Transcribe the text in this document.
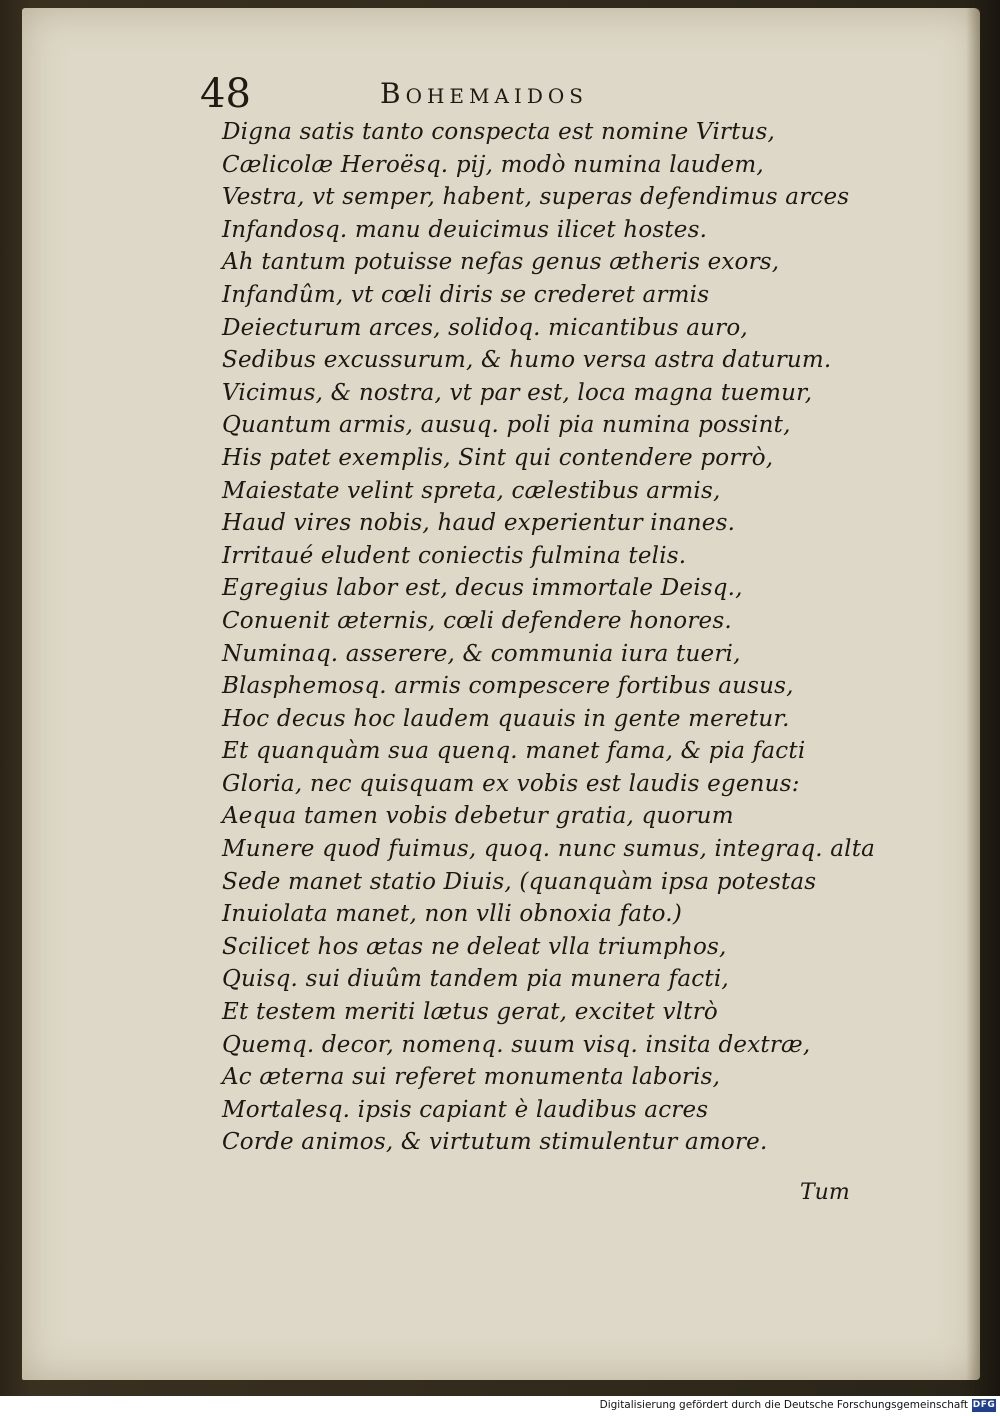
48	Bohemaidos
Digna satis tanto conspecta est nomine Virtus,
Cælicolæ Heroësq. pij, modò numina laudem,
Vestra, vt semper, habent, superas defendimus arces
Infandosq. manu deuicimus ilicet hostes.
Ah tantum potuisse nefas genus ætheris exors,
Infandûm, vt cœli diris se crederet armis
Deiecturum arces, solidoq. micantibus auro,
Sedibus excussurum, & humo versa astra daturum.
Vicimus, & nostra, vt par est, loca magna tuemur,
Quantum armis, ausuq. poli pia numina possint,
His patet exemplis, Sint qui contendere porrò,
Maiestate velint spreta, cælestibus armis,
Haud vires nobis, haud experientur inanes.
Irritaué eludent coniectis fulmina telis.
Egregius labor est, decus immortale Deisq.,
Conuenit æternis, cœli defendere honores.
Numinaq. asserere, & communia iura tueri,
Blasphemosq. armis compescere fortibus ausus,
Hoc decus hoc laudem quauis in gente meretur.
Et quanquàm sua quenq. manet fama, & pia facti
Gloria, nec quisquam ex vobis est laudis egenus:
Aequa tamen vobis debetur gratia, quorum
Munere quod fuimus, quoq. nunc sumus, integraq. alta
Sede manet statio Diuis, (quanquàm ipsa potestas
Inuiolata manet, non vlli obnoxia fato.)
Scilicet hos ætas ne deleat vlla triumphos,
Quisq. sui diuûm tandem pia munera facti,
Et testem meriti lætus gerat, excitet vltrò
Quemq. decor, nomenq. suum visq. insita dextræ,
Ac æterna sui referet monumenta laboris,
Mortalesq. ipsis capiant è laudibus acres
Corde animos, & virtutum stimulentur amore.
Tum
Digitalisierung gefördert durch die Deutsche Forschungsgemeinschaft DFG
